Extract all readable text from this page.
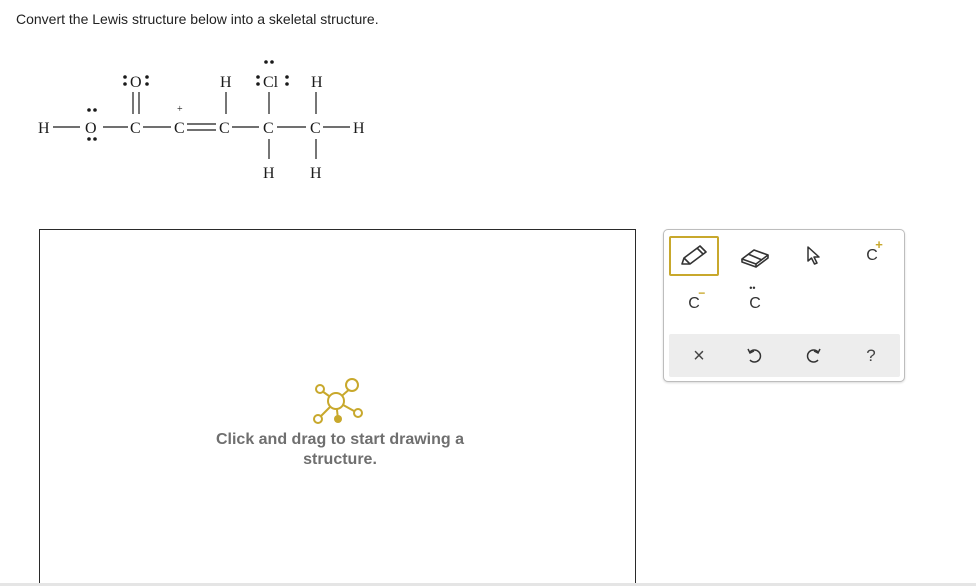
Convert the Lewis structure below into a skeletal structure.
H O
O
C
+
C C
H
C
Cl
H
C
H
H
H
Click and drag to start drawing a structure.
C
+
C
−	••
C
×	?
